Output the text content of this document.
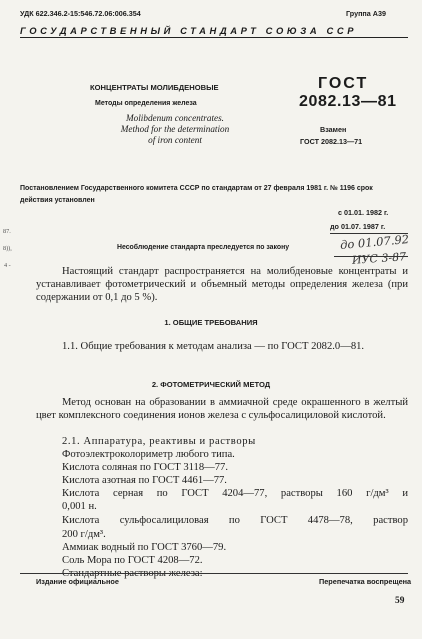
УДК 622.346.2-15:546.72.06:006.354	Группа А39
ГОСУДАРСТВЕННЫЙ СТАНДАРТ СОЮЗА ССР
КОНЦЕНТРАТЫ МОЛИБДЕНОВЫЕ
Методы определения железа
Molibdenum concentrates.
Method for the determination
of iron content
ГОСТ
2082.13—81
Взамен
ГОСТ 2082.13—71
Постановлением Государственного комитета СССР по стандартам от 27 февраля 1981 г. № 1196 срок действия установлен
с 01.01. 1982 г.
до 01.07. 1987 г.
Несоблюдение стандарта преследуется по закону	до 01.07.92
ИУС 3-87
87.
8)),
4 -
Настоящий стандарт распространяется на молибденовые концентраты и устанавливает фотометрический и объемный методы определения железа (при содержании от 0,1 до 5 %).
1. ОБЩИЕ ТРЕБОВАНИЯ
1.1. Общие требования к методам анализа — по ГОСТ 2082.0—81.
2. ФОТОМЕТРИЧЕСКИЙ МЕТОД
Метод основан на образовании в аммиачной среде окрашенного в желтый цвет комплексного соединения ионов железа с сульфосалициловой кислотой.
2.1. Аппаратура, реактивы и растворы
Фотоэлектроколориметр любого типа.
Кислота соляная по ГОСТ 3118—77.
Кислота азотная по ГОСТ 4461—77.
Кислота серная по ГОСТ 4204—77, растворы 160 г/дм³ и
0,001 н.
Кислота сульфосалициловая по ГОСТ 4478—78, раствор
200 г/дм³.
Аммиак водный по ГОСТ 3760—79.
Соль Мора по ГОСТ 4208—72.
Стандартные растворы железа:
Издание официальное	Перепечатка воспрещена
59
